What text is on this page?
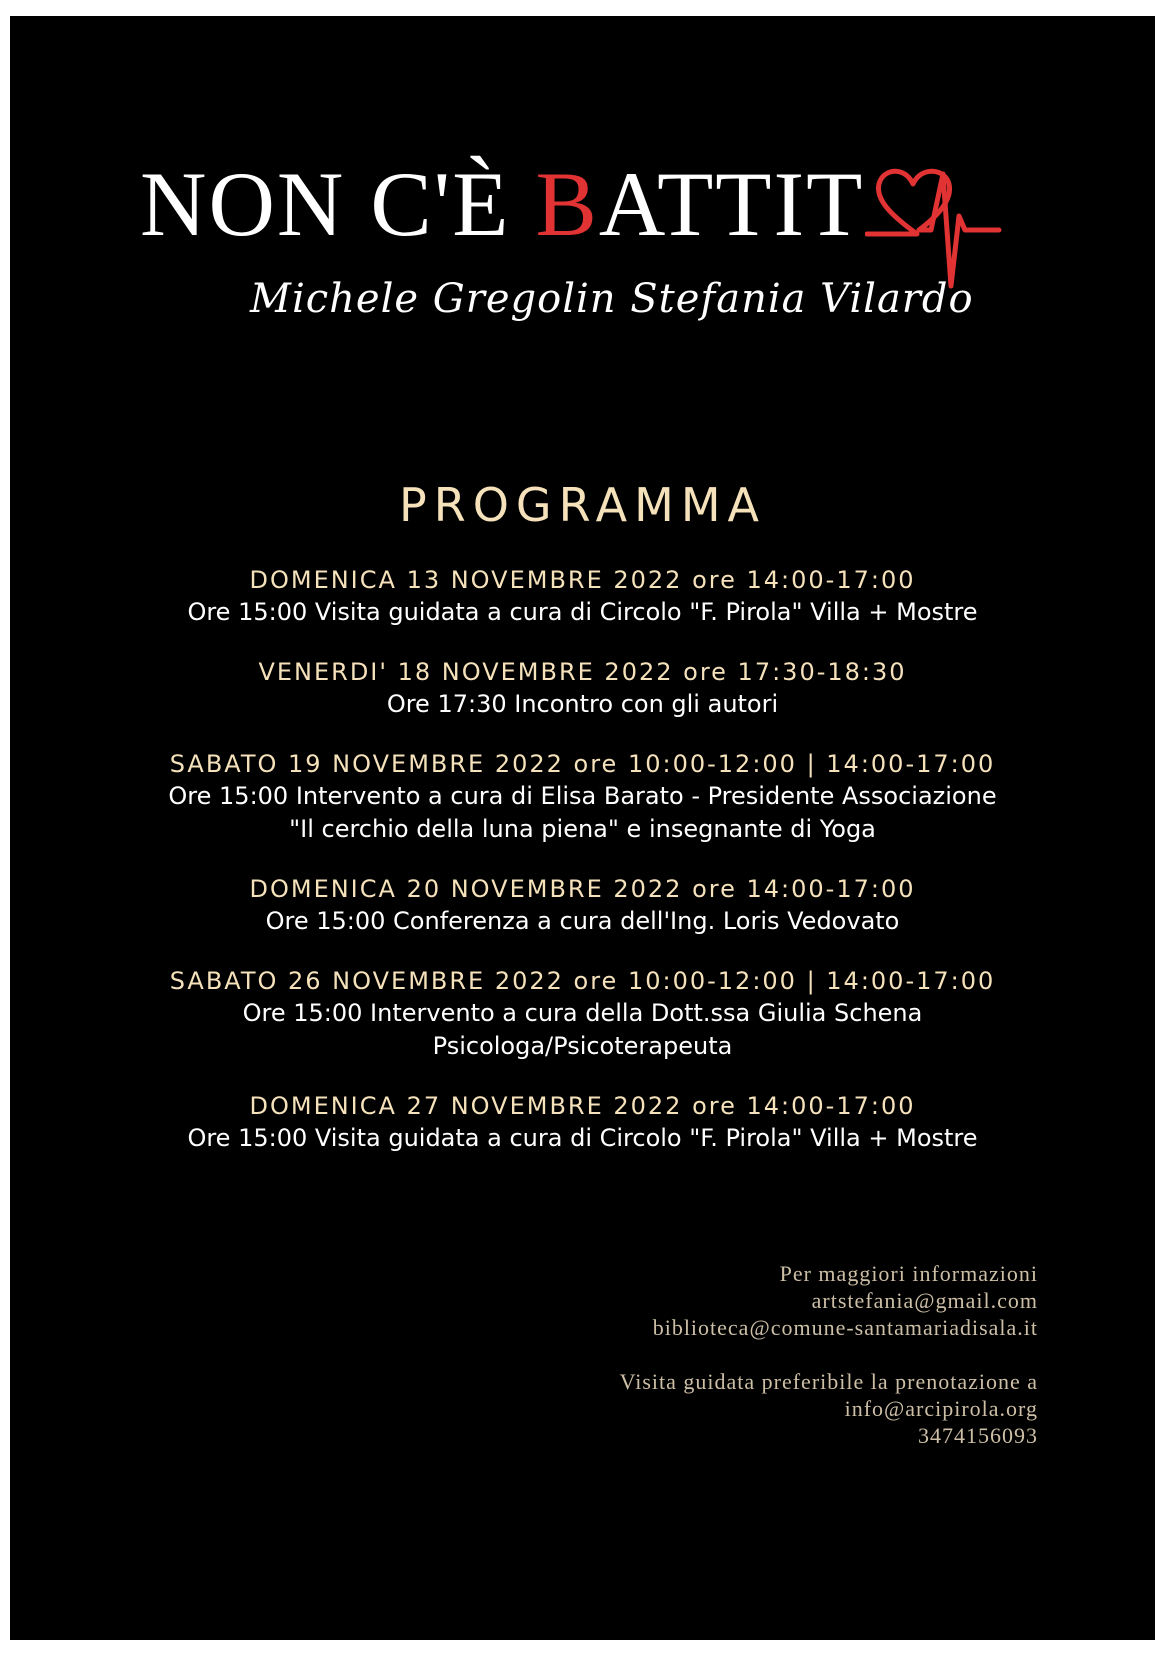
NON C'È BATTIT
Michele Gregolin Stefania Vilardo
PROGRAMMA
DOMENICA 13 NOVEMBRE 2022 ore 14:00-17:00
Ore 15:00 Visita guidata a cura di Circolo "F. Pirola" Villa + Mostre
VENERDI' 18 NOVEMBRE 2022 ore 17:30-18:30
Ore 17:30 Incontro con gli autori
SABATO 19 NOVEMBRE 2022 ore 10:00-12:00 | 14:00-17:00
Ore 15:00 Intervento a cura di Elisa Barato - Presidente Associazione
"Il cerchio della luna piena" e insegnante di Yoga
DOMENICA 20 NOVEMBRE 2022 ore 14:00-17:00
Ore 15:00 Conferenza a cura dell'Ing. Loris Vedovato
SABATO 26 NOVEMBRE 2022 ore 10:00-12:00 | 14:00-17:00
Ore 15:00 Intervento a cura della Dott.ssa Giulia Schena
Psicologa/Psicoterapeuta
DOMENICA 27 NOVEMBRE 2022 ore 14:00-17:00
Ore 15:00 Visita guidata a cura di Circolo "F. Pirola" Villa + Mostre
Per maggiori informazioni
artstefania@gmail.com
biblioteca@comune-santamariadisala.it
Visita guidata preferibile la prenotazione a
info@arcipirola.org
3474156093
